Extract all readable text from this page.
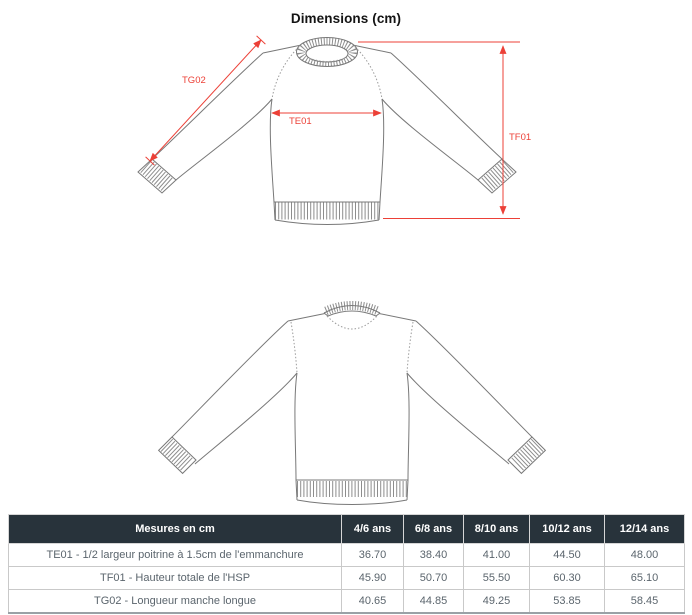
Dimensions (cm)
TG02
TE01
TF01
Mesures en cm	4/6 ans	6/8 ans	8/10 ans	10/12 ans	12/14 ans
TE01 - 1/2 largeur poitrine à 1.5cm de l'emmanchure	36.70	38.40	41.00	44.50	48.00
TF01 - Hauteur totale de l'HSP	45.90	50.70	55.50	60.30	65.10
TG02 - Longueur manche longue	40.65	44.85	49.25	53.85	58.45
